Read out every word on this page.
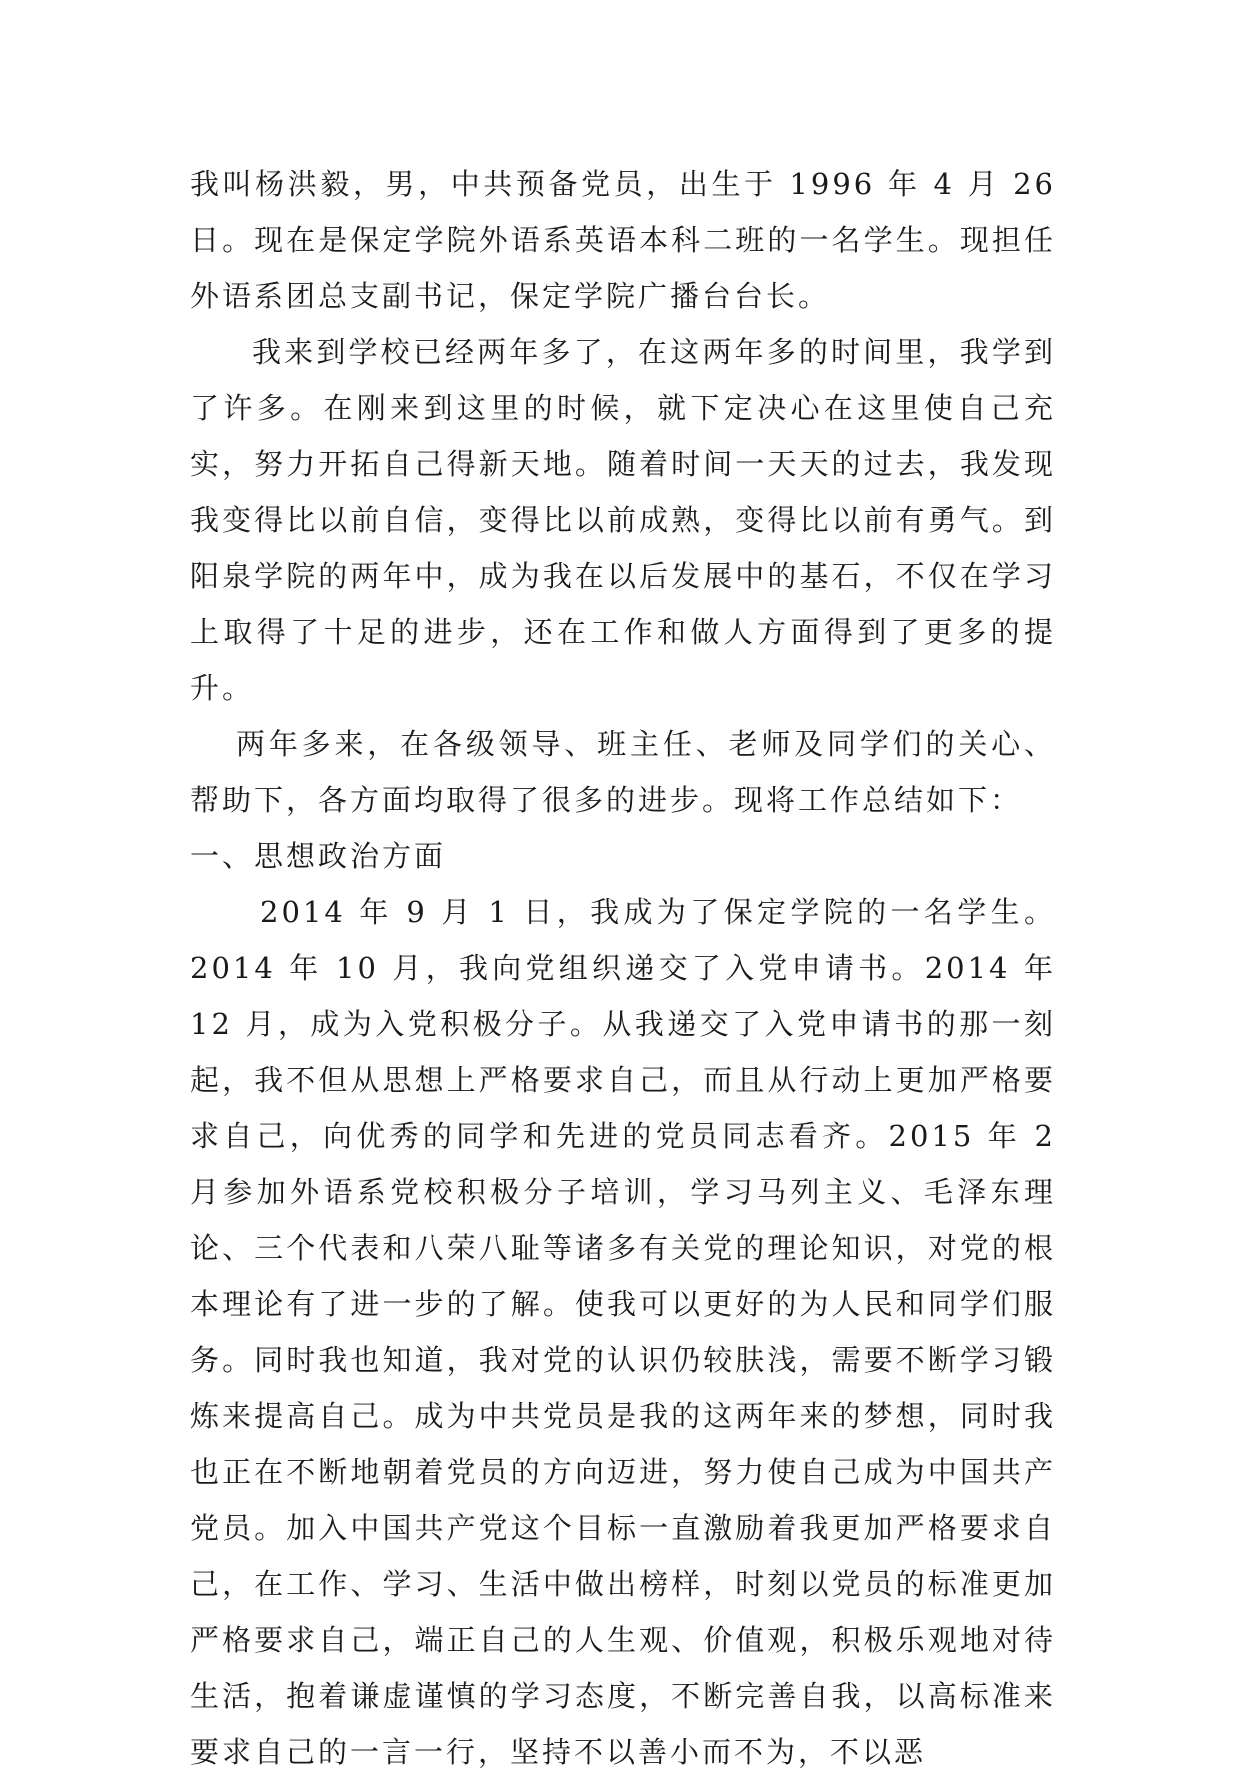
我叫杨洪毅，男，中共预备党员，出生于 1996 年 4 月 26 日。现在是保定学院外语系英语本科二班的一名学生。现担任外语系团总支副书记，保定学院广播台台长。

我来到学校已经两年多了，在这两年多的时间里，我学到了许多。在刚来到这里的时候，就下定决心在这里使自己充实，努力开拓自己得新天地。随着时间一天天的过去，我发现我变得比以前自信，变得比以前成熟，变得比以前有勇气。到阳泉学院的两年中，成为我在以后发展中的基石，不仅在学习上取得了十足的进步，还在工作和做人方面得到了更多的提升。

两年多来，在各级领导、班主任、老师及同学们的关心、帮助下，各方面均取得了很多的进步。现将工作总结如下：

一、思想政治方面

2014 年 9 月 1 日，我成为了保定学院的一名学生。2014 年 10 月，我向党组织递交了入党申请书。2014 年 12 月，成为入党积极分子。从我递交了入党申请书的那一刻起，我不但从思想上严格要求自己，而且从行动上更加严格要求自己，向优秀的同学和先进的党员同志看齐。2015 年 2 月参加外语系党校积极分子培训，学习马列主义、毛泽东理论、三个代表和八荣八耻等诸多有关党的理论知识，对党的根本理论有了进一步的了解。使我可以更好的为人民和同学们服务。同时我也知道，我对党的认识仍较肤浅，需要不断学习锻炼来提高自己。成为中共党员是我的这两年来的梦想，同时我也正在不断地朝着党员的方向迈进，努力使自己成为中国共产党员。加入中国共产党这个目标一直激励着我更加严格要求自己，在工作、学习、生活中做出榜样，时刻以党员的标准更加严格要求自己，端正自己的人生观、价值观，积极乐观地对待生活，抱着谦虚谨慎的学习态度，不断完善自我，以高标准来要求自己的一言一行，坚持不以善小而不为，不以恶
